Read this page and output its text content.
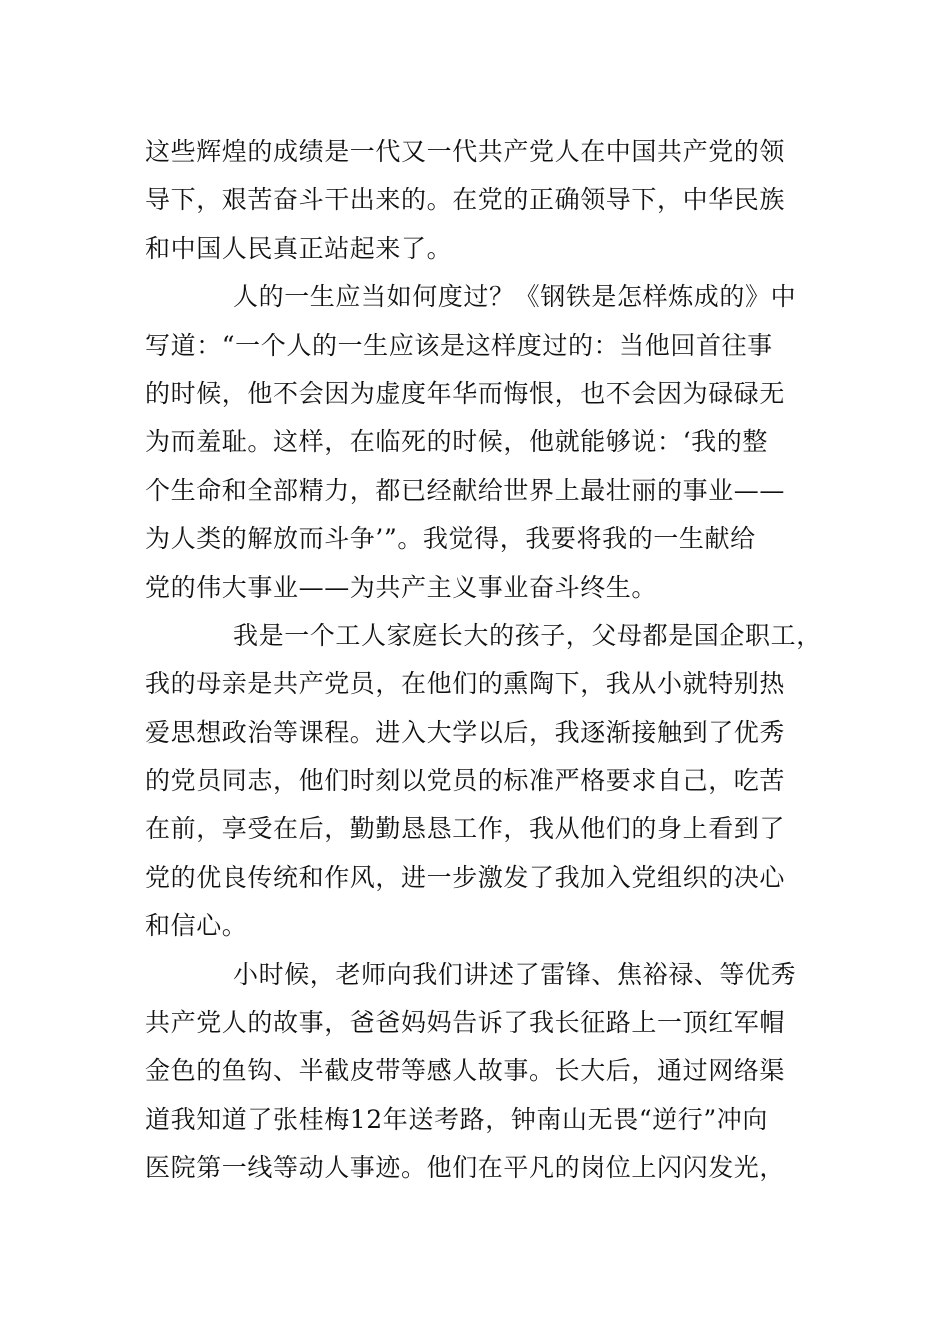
这些辉煌的成绩是一代又一代共产党人在中国共产党的领
导下，艰苦奋斗干出来的。在党的正确领导下，中华民族
和中国人民真正站起来了。
人的一生应当如何度过？《钢铁是怎样炼成的》中
写道：“一个人的一生应该是这样度过的：当他回首往事
的时候，他不会因为虚度年华而悔恨，也不会因为碌碌无
为而羞耻。这样，在临死的时候，他就能够说：‘我的整
个生命和全部精力，都已经献给世界上最壮丽的事业——
为人类的解放而斗争’”。我觉得，我要将我的一生献给
党的伟大事业——为共产主义事业奋斗终生。
我是一个工人家庭长大的孩子，父母都是国企职工，
我的母亲是共产党员，在他们的熏陶下，我从小就特别热
爱思想政治等课程。进入大学以后，我逐渐接触到了优秀
的党员同志，他们时刻以党员的标准严格要求自己，吃苦
在前，享受在后，勤勤恳恳工作，我从他们的身上看到了
党的优良传统和作风，进一步激发了我加入党组织的决心
和信心。
小时候，老师向我们讲述了雷锋、焦裕禄、等优秀
共产党人的故事，爸爸妈妈告诉了我长征路上一顶红军帽
金色的鱼钩、半截皮带等感人故事。长大后，通过网络渠
道我知道了张桂梅12年送考路，钟南山无畏“逆行”冲向
医院第一线等动人事迹。他们在平凡的岗位上闪闪发光，
